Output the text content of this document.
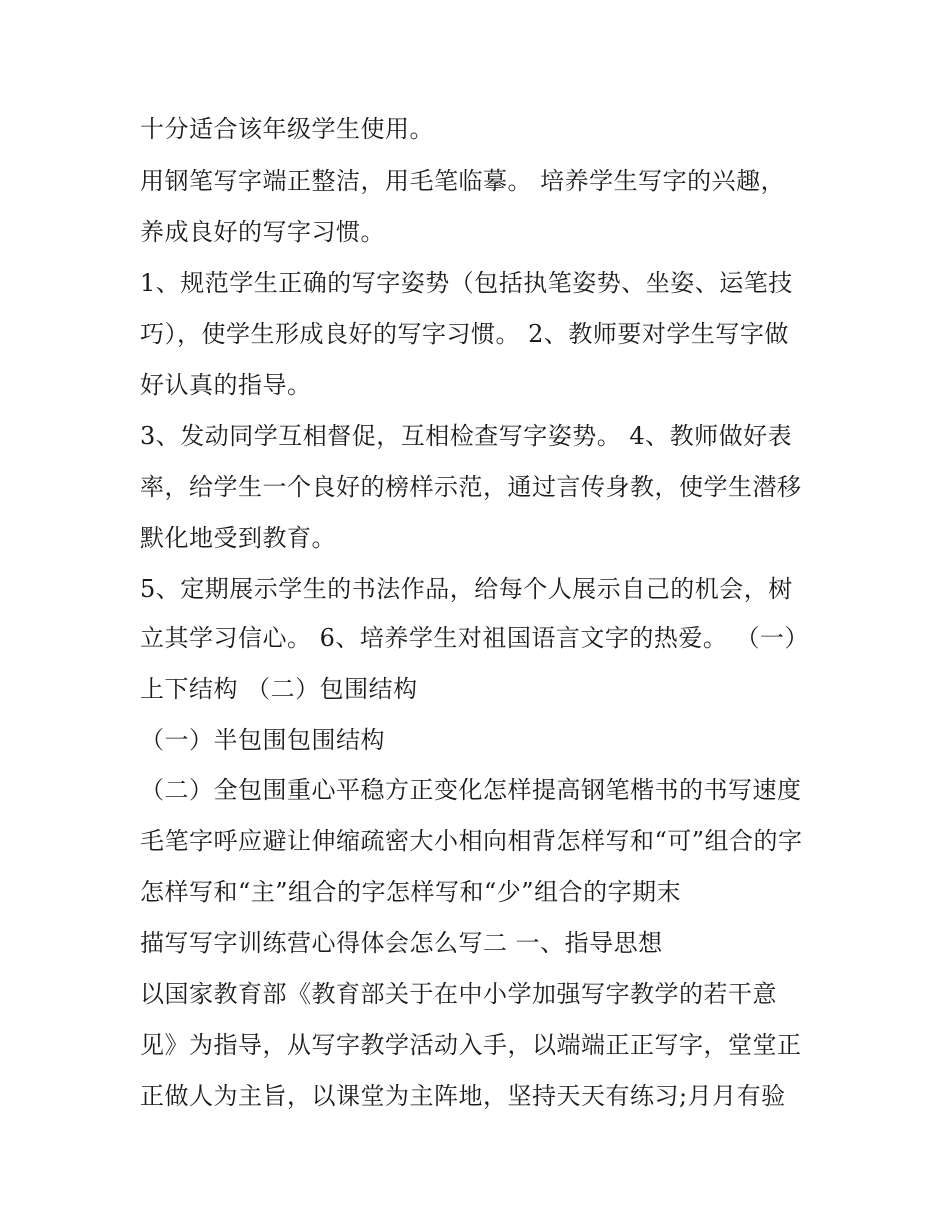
十分适合该年级学生使用。
用钢笔写字端正整洁，用毛笔临摹。 培养学生写字的兴趣，
养成良好的写字习惯。
1、规范学生正确的写字姿势（包括执笔姿势、坐姿、运笔技
巧），使学生形成良好的写字习惯。 2、教师要对学生写字做
好认真的指导。
3、发动同学互相督促，互相检查写字姿势。 4、教师做好表
率，给学生一个良好的榜样示范，通过言传身教，使学生潜移
默化地受到教育。
5、定期展示学生的书法作品，给每个人展示自己的机会，树
立其学习信心。 6、培养学生对祖国语言文字的热爱。 （一）
上下结构 （二）包围结构
（一）半包围包围结构
（二）全包围重心平稳方正变化怎样提高钢笔楷书的书写速度
毛笔字呼应避让伸缩疏密大小相向相背怎样写和“可”组合的字
怎样写和“主”组合的字怎样写和“少”组合的字期末
描写写字训练营心得体会怎么写二 一、指导思想
以国家教育部《教育部关于在中小学加强写字教学的若干意
见》为指导，从写字教学活动入手，以端端正正写字，堂堂正
正做人为主旨，以课堂为主阵地，坚持天天有练习;月月有验
